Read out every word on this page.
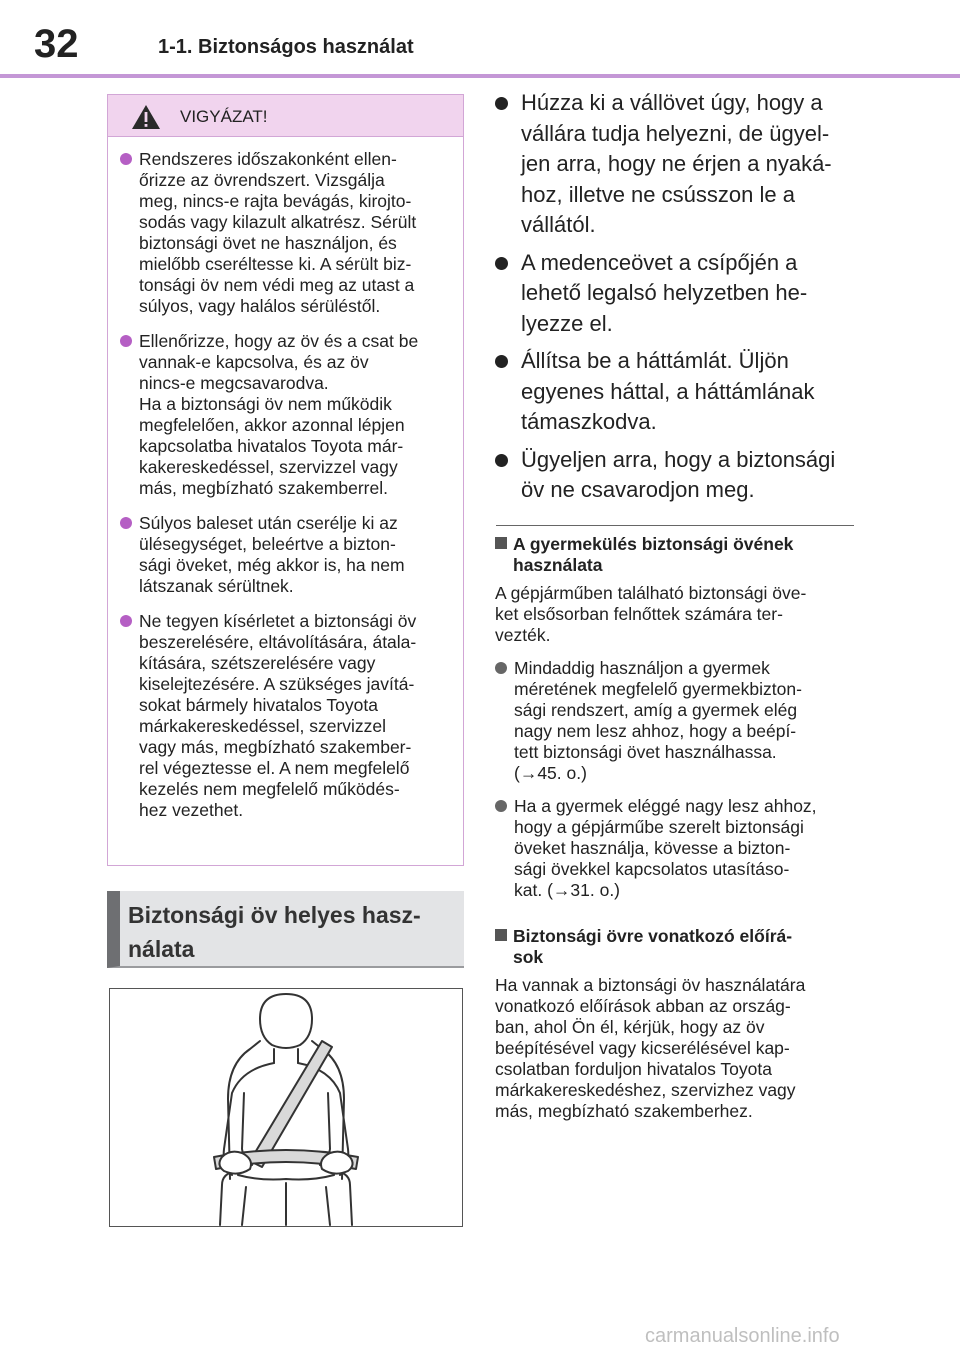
32	1-1. Biztonságos használat
VIGYÁZAT!
Rendszeres időszakonként ellen-
őrizze az övrendszert. Vizsgálja
meg, nincs-e rajta bevágás, kirojto-
sodás vagy kilazult alkatrész. Sérült
biztonsági övet ne használjon, és
mielőbb cseréltesse ki. A sérült biz-
tonsági öv nem védi meg az utast a
súlyos, vagy halálos sérüléstől.
Ellenőrizze, hogy az öv és a csat be
vannak-e kapcsolva, és az öv
nincs-e megcsavarodva.
Ha a biztonsági öv nem működik
megfelelően, akkor azonnal lépjen
kapcsolatba hivatalos Toyota már-
kakereskedéssel, szervizzel vagy
más, megbízható szakemberrel.
Súlyos baleset után cserélje ki az
ülésegységet, beleértve a bizton-
sági öveket, még akkor is, ha nem
látszanak sérültnek.
Ne tegyen kísérletet a biztonsági öv
beszerelésére, eltávolítására, átala-
kítására, szétszerelésére vagy
kiselejtezésére. A szükséges javítá-
sokat bármely hivatalos Toyota
márkakereskedéssel, szervizzel
vagy más, megbízható szakember-
rel végeztesse el. A nem megfelelő
kezelés nem megfelelő működés-
hez vezethet.
Biztonsági öv helyes hasz-
nálata
Húzza ki a vállövet úgy, hogy a
vállára tudja helyezni, de ügyel-
jen arra, hogy ne érjen a nyaká-
hoz, illetve ne csússzon le a
vállától.
A medenceövet a csípőjén a
lehető legalsó helyzetben he-
lyezze el.
Állítsa be a háttámlát. Üljön
egyenes háttal, a háttámlának
támaszkodva.
Ügyeljen arra, hogy a biztonsági
öv ne csavarodjon meg.
A gyermekülés biztonsági övének
használata
A gépjárműben található biztonsági öve-
ket elsősorban felnőttek számára ter-
vezték.
Mindaddig használjon a gyermek
méretének megfelelő gyermekbizton-
sági rendszert, amíg a gyermek elég
nagy nem lesz ahhoz, hogy a beépí-
tett biztonsági övet használhassa.
(→45. o.)
Ha a gyermek eléggé nagy lesz ahhoz,
hogy a gépjárműbe szerelt biztonsági
öveket használja, kövesse a bizton-
sági övekkel kapcsolatos utasításo-
kat. (→31. o.)
Biztonsági övre vonatkozó előírá-
sok
Ha vannak a biztonsági öv használatára
vonatkozó előírások abban az ország-
ban, ahol Ön él, kérjük, hogy az öv
beépítésével vagy kicserélésével kap-
csolatban forduljon hivatalos Toyota
márkakereskedéshez, szervizhez vagy
más, megbízható szakemberhez.
carmanualsonline.info
